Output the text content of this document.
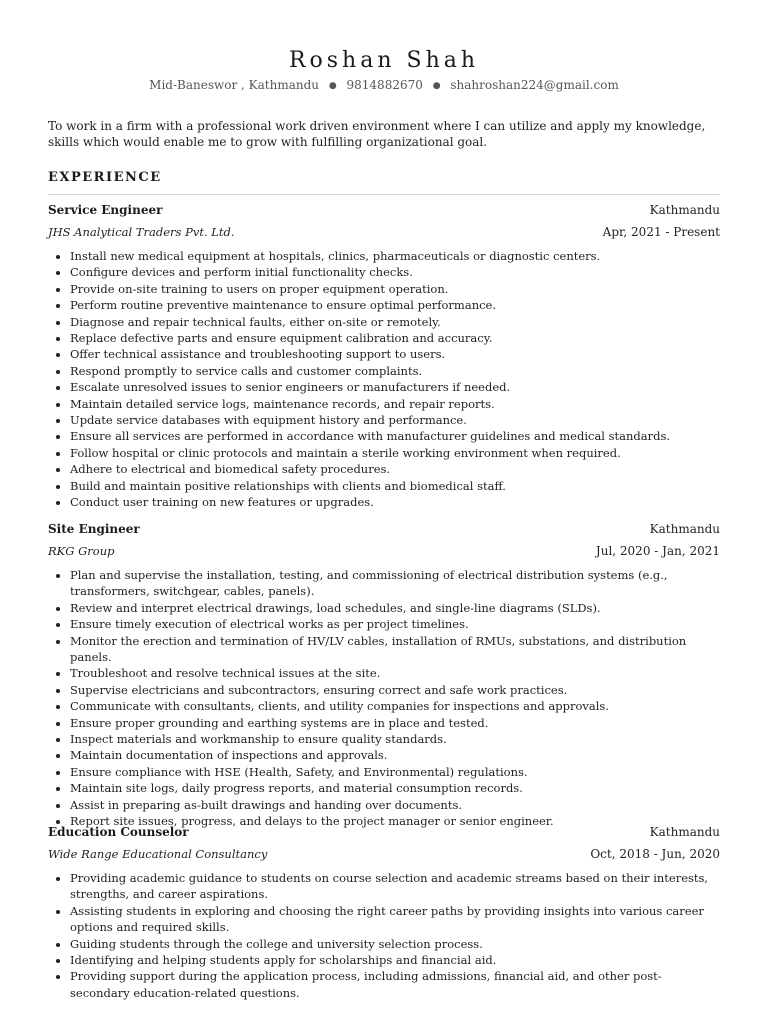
Roshan Shah
Mid-Baneswor , Kathmandu ● 9814882670 ● shahroshan224@gmail.com

To work in a firm with a professional work driven environment where I can utilize and apply my knowledge, skills which would enable me to grow with fulfilling organizational goal.

EXPERIENCE
Service Engineer	Kathmandu
JHS Analytical Traders Pvt. Ltd.	Apr, 2021 - Present
• Install new medical equipment at hospitals, clinics, pharmaceuticals or diagnostic centers.
• Configure devices and perform initial functionality checks.
• Provide on-site training to users on proper equipment operation.
• Perform routine preventive maintenance to ensure optimal performance.
• Diagnose and repair technical faults, either on-site or remotely.
• Replace defective parts and ensure equipment calibration and accuracy.
• Offer technical assistance and troubleshooting support to users.
• Respond promptly to service calls and customer complaints.
• Escalate unresolved issues to senior engineers or manufacturers if needed.
• Maintain detailed service logs, maintenance records, and repair reports.
• Update service databases with equipment history and performance.
• Ensure all services are performed in accordance with manufacturer guidelines and medical standards.
• Follow hospital or clinic protocols and maintain a sterile working environment when required.
• Adhere to electrical and biomedical safety procedures.
• Build and maintain positive relationships with clients and biomedical staff.
• Conduct user training on new features or upgrades.
Site Engineer	Kathmandu
RKG Group	Jul, 2020 - Jan, 2021
• Plan and supervise the installation, testing, and commissioning of electrical distribution systems (e.g., transformers, switchgear, cables, panels).
• Review and interpret electrical drawings, load schedules, and single-line diagrams (SLDs).
• Ensure timely execution of electrical works as per project timelines.
• Monitor the erection and termination of HV/LV cables, installation of RMUs, substations, and distribution panels.
• Troubleshoot and resolve technical issues at the site.
• Supervise electricians and subcontractors, ensuring correct and safe work practices.
• Communicate with consultants, clients, and utility companies for inspections and approvals.
• Ensure proper grounding and earthing systems are in place and tested.
• Inspect materials and workmanship to ensure quality standards.
• Maintain documentation of inspections and approvals.
• Ensure compliance with HSE (Health, Safety, and Environmental) regulations.
• Maintain site logs, daily progress reports, and material consumption records.
• Assist in preparing as-built drawings and handing over documents.
• Report site issues, progress, and delays to the project manager or senior engineer.
Education Counselor	Kathmandu
Wide Range Educational Consultancy	Oct, 2018 - Jun, 2020
• Providing academic guidance to students on course selection and academic streams based on their interests, strengths, and career aspirations.
• Assisting students in exploring and choosing the right career paths by providing insights into various career options and required skills.
• Guiding students through the college and university selection process.
• Identifying and helping students apply for scholarships and financial aid.
• Providing support during the application process, including admissions, financial aid, and other post-secondary education-related questions.
